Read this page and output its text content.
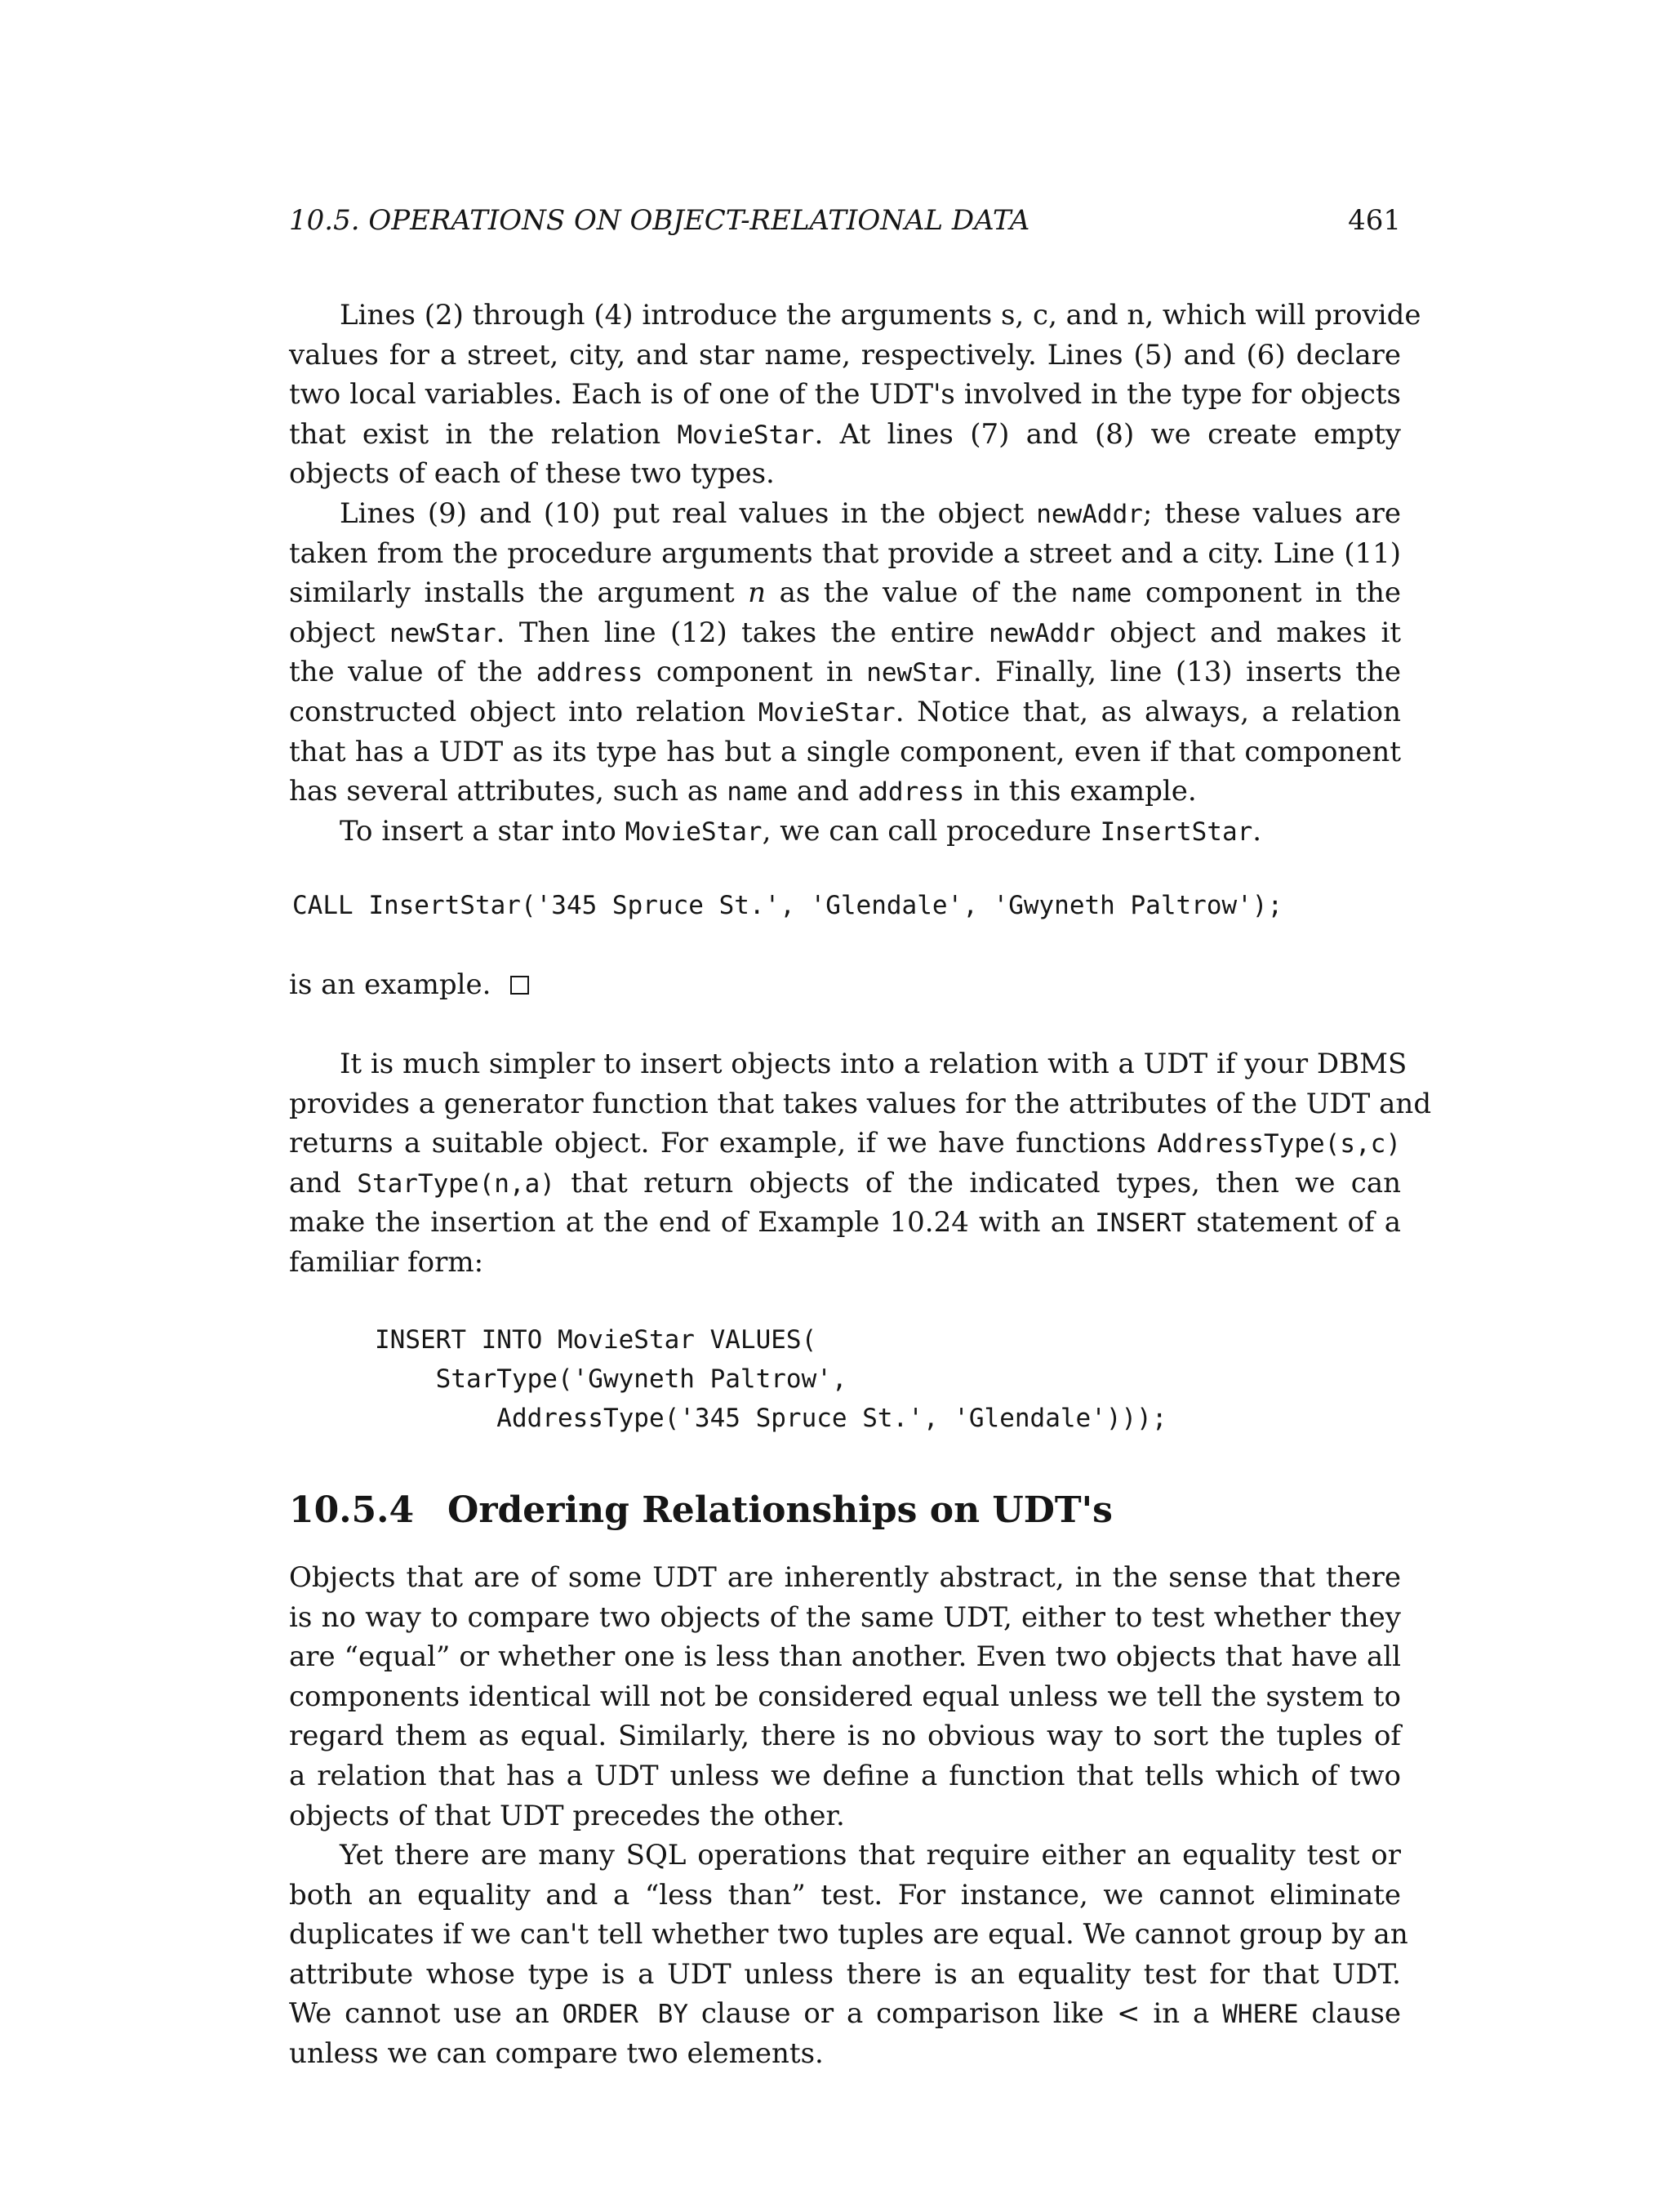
10.5. OPERATIONS ON OBJECT-RELATIONAL DATA	461
Lines (2) through (4) introduce the arguments s, c, and n, which will provide
values for a street, city, and star name, respectively. Lines (5) and (6) declare
two local variables. Each is of one of the UDT's involved in the type for objects
that exist in the relation MovieStar. At lines (7) and (8) we create empty
objects of each of these two types.
Lines (9) and (10) put real values in the object newAddr; these values are
taken from the procedure arguments that provide a street and a city. Line (11)
similarly installs the argument n as the value of the name component in the
object newStar. Then line (12) takes the entire newAddr object and makes it
the value of the address component in newStar. Finally, line (13) inserts the
constructed object into relation MovieStar. Notice that, as always, a relation
that has a UDT as its type has but a single component, even if that component
has several attributes, such as name and address in this example.
To insert a star into MovieStar, we can call procedure InsertStar.
CALL InsertStar('345 Spruce St.', 'Glendale', 'Gwyneth Paltrow');
is an example.
It is much simpler to insert objects into a relation with a UDT if your DBMS
provides a generator function that takes values for the attributes of the UDT and
returns a suitable object. For example, if we have functions AddressType(s,c)
and StarType(n,a) that return objects of the indicated types, then we can
make the insertion at the end of Example 10.24 with an INSERT statement of a
familiar form:
INSERT INTO MovieStar VALUES(
StarType('Gwyneth Paltrow',
AddressType('345 Spruce St.', 'Glendale')));
10.5.4 Ordering Relationships on UDT's
Objects that are of some UDT are inherently abstract, in the sense that there
is no way to compare two objects of the same UDT, either to test whether they
are “equal” or whether one is less than another. Even two objects that have all
components identical will not be considered equal unless we tell the system to
regard them as equal. Similarly, there is no obvious way to sort the tuples of
a relation that has a UDT unless we define a function that tells which of two
objects of that UDT precedes the other.
Yet there are many SQL operations that require either an equality test or
both an equality and a “less than” test. For instance, we cannot eliminate
duplicates if we can't tell whether two tuples are equal. We cannot group by an
attribute whose type is a UDT unless there is an equality test for that UDT.
We cannot use an ORDER BY clause or a comparison like < in a WHERE clause
unless we can compare two elements.
